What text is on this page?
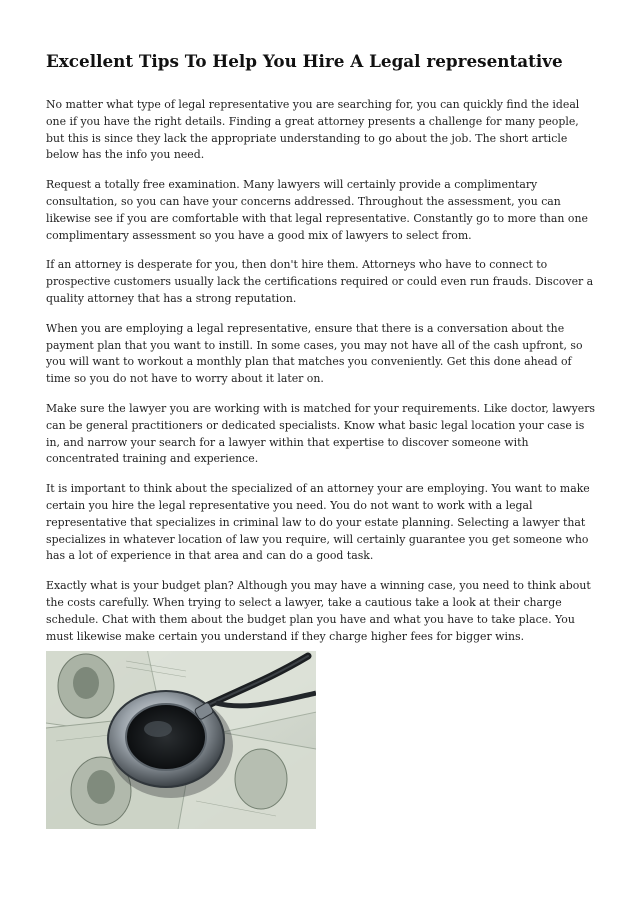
Excellent Tips To Help You Hire A Legal representative

No matter what type of legal representative you are searching for, you can quickly find the ideal one if you have the right details. Finding a great attorney presents a challenge for many people, but this is since they lack the appropriate understanding to go about the job. The short article below has the info you need.

Request a totally free examination. Many lawyers will certainly provide a complimentary consultation, so you can have your concerns addressed. Throughout the assessment, you can likewise see if you are comfortable with that legal representative. Constantly go to more than one complimentary assessment so you have a good mix of lawyers to select from.

If an attorney is desperate for you, then don't hire them. Attorneys who have to connect to prospective customers usually lack the certifications required or could even run frauds. Discover a quality attorney that has a strong reputation.

When you are employing a legal representative, ensure that there is a conversation about the payment plan that you want to instill. In some cases, you may not have all of the cash upfront, so you will want to workout a monthly plan that matches you conveniently. Get this done ahead of time so you do not have to worry about it later on.

Make sure the lawyer you are working with is matched for your requirements. Like doctor, lawyers can be general practitioners or dedicated specialists. Know what basic legal location your case is in, and narrow your search for a lawyer within that expertise to discover someone with concentrated training and experience.

It is important to think about the specialized of an attorney your are employing. You want to make certain you hire the legal representative you need. You do not want to work with a legal representative that specializes in criminal law to do your estate planning. Selecting a lawyer that specializes in whatever location of law you require, will certainly guarantee you get someone who has a lot of experience in that area and can do a good task.

Exactly what is your budget plan? Although you may have a winning case, you need to think about the costs carefully. When trying to select a lawyer, take a cautious take a look at their charge schedule. Chat with them about the budget plan you have and what you have to take place. You must likewise make certain you understand if they charge higher fees for bigger wins.
